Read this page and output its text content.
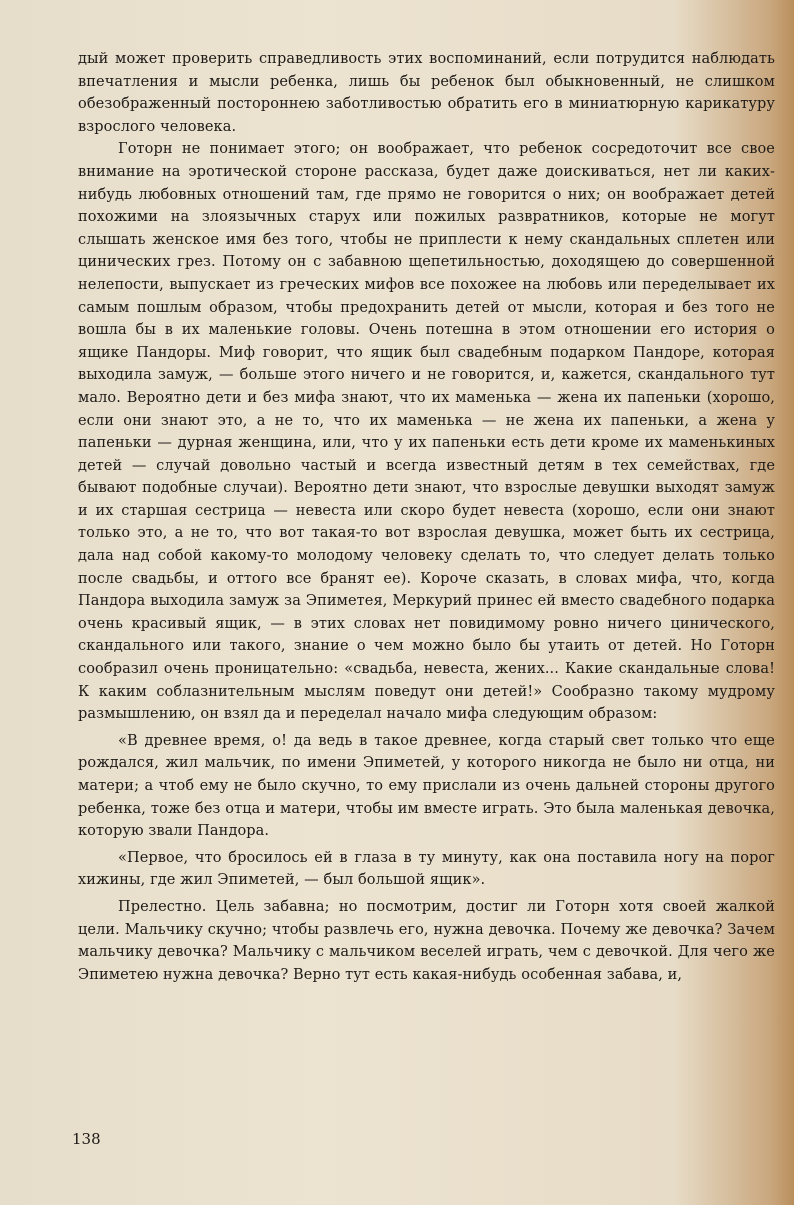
дый может проверить справедливость этих воспоминаний, если потрудится наблюдать впечатления и мысли ребенка, лишь бы ребенок был обыкновенный, не слишком обезображенный постороннею заботливостью обратить его в миниатюрную карикатуру взрослого человека.

Готорн не понимает этого; он воображает, что ребенок сосредоточит все свое внимание на эротической стороне рассказа, будет даже доискиваться, нет ли каких-нибудь любовных отношений там, где прямо не говорится о них; он воображает детей похожими на злоязычных старух или пожилых развратников, которые не могут слышать женское имя без того, чтобы не приплести к нему скандальных сплетен или цинических грез. Потому он с забавною щепетильностью, доходящею до совершенной нелепости, выпускает из греческих мифов все похожее на любовь или переделывает их самым пошлым образом, чтобы предохранить детей от мысли, которая и без того не вошла бы в их маленькие головы. Очень потешна в этом отношении его история о ящике Пандоры. Миф говорит, что ящик был свадебным подарком Пандоре, которая выходила замуж, — больше этого ничего и не говорится, и, кажется, скандального тут мало. Вероятно дети и без мифа знают, что их маменька — жена их папеньки (хорошо, если они знают это, а не то, что их маменька — не жена их папеньки, а жена у папеньки — дурная женщина, или, что у их папеньки есть дети кроме их маменькиных детей — случай довольно частый и всегда известный детям в тех семействах, где бывают подобные случаи). Вероятно дети знают, что взрослые девушки выходят замуж и их старшая сестрица — невеста или скоро будет невеста (хорошо, если они знают только это, а не то, что вот такая-то вот взрослая девушка, может быть их сестрица, дала над собой какому-то молодому человеку сделать то, что следует делать только после свадьбы, и оттого все бранят ее). Короче сказать, в словах мифа, что, когда Пандора выходила замуж за Эпиметея, Меркурий принес ей вместо свадебного подарка очень красивый ящик, — в этих словах нет повидимому ровно ничего цинического, скандального или такого, знание о чем можно было бы утаить от детей. Но Готорн сообразил очень проницательно: «свадьба, невеста, жених... Какие скандальные слова! К каким соблазнительным мыслям поведут они детей!» Сообразно такому мудрому размышлению, он взял да и переделал начало мифа следующим образом:

«В древнее время, о! да ведь в такое древнее, когда старый свет только что еще рождался, жил мальчик, по имени Эпиметей, у которого никогда не было ни отца, ни матери; а чтоб ему не было скучно, то ему прислали из очень дальней стороны другого ребенка, тоже без отца и матери, чтобы им вместе играть. Это была маленькая девочка, которую звали Пандора.

«Первое, что бросилось ей в глаза в ту минуту, как она поставила ногу на порог хижины, где жил Эпиметей, — был большой ящик».

Прелестно. Цель забавна; но посмотрим, достиг ли Готорн хотя своей жалкой цели. Мальчику скучно; чтобы развлечь его, нужна девочка. Почему же девочка? Зачем мальчику девочка? Мальчику с мальчиком веселей играть, чем с девочкой. Для чего же Эпиметею нужна девочка? Верно тут есть какая-нибудь особенная забава, и,

138
